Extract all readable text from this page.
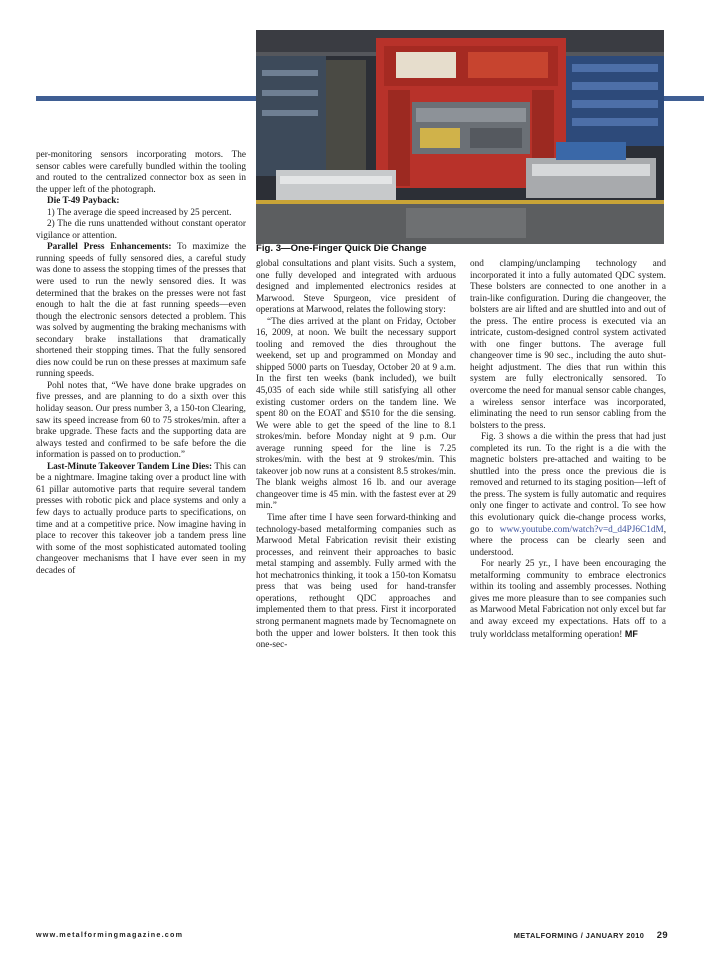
Fig. 3—One-Finger Quick Die Change

per-monitoring sensors incorporating motors. The sensor cables were carefully bundled within the tooling and routed to the centralized connector box as seen in the upper left of the photograph.

Die T-49 Payback:

1) The average die speed increased by 25 percent.

2) The die runs unattended without constant operator vigilance or attention.

Parallel Press Enhancements: To maximize the running speeds of fully sensored dies, a careful study was done to assess the stopping times of the presses that were used to run the newly sensored dies. It was determined that the brakes on the presses were not fast enough to halt the die at fast running speeds—even though the electronic sensors detected a problem. This was solved by augmenting the braking mechanisms with secondary brake installations that dramatically shortened their stopping times. That the fully sensored dies now could be run on these presses at maximum safe running speeds.

Pohl notes that, “We have done brake upgrades on five presses, and are planning to do a sixth over this holiday season. Our press number 3, a 150-ton Clearing, saw its speed increase from 60 to 75 strokes/min. after a brake upgrade. These facts and the supporting data are always tested and confirmed to be safe before the die information is passed on to production.”

Last-Minute Takeover Tandem Line Dies: This can be a nightmare. Imagine taking over a product line with 61 pillar automotive parts that require several tandem presses with robotic pick and place systems and only a few days to actually produce parts to specifications, on time and at a competitive price. Now imagine having in place to recover this takeover job a tandem press line with some of the most sophisticated automated tooling changeover mechanisms that I have ever seen in my decades of

global consultations and plant visits. Such a system, one fully developed and integrated with arduous designed and implemented electronics resides at Marwood. Steve Spurgeon, vice president of operations at Marwood, relates the following story:

“The dies arrived at the plant on Friday, October 16, 2009, at noon. We built the necessary support tooling and removed the dies throughout the weekend, set up and programmed on Monday and shipped 5000 parts on Tuesday, October 20 at 9 a.m. In the first ten weeks (bank included), we built 45,035 of each side while still satisfying all other existing customer orders on the tandem line. We spent 80 on the EOAT and $510 for the die sensing. We were able to get the speed of the line to 8.1 strokes/min. before Monday night at 9 p.m. Our average running speed for the line is 7.25 strokes/min. with the best at 9 strokes/min. This takeover job now runs at a consistent 8.5 strokes/min. The blank weighs almost 16 lb. and our average changeover time is 45 min. with the fastest ever at 29 min.”

Time after time I have seen forward-thinking and technology-based metalforming companies such as Marwood Metal Fabrication revisit their existing processes, and reinvent their approaches to basic metal stamping and assembly. Fully armed with the hot mechatronics thinking, it took a 150-ton Komatsu press that was being used for hand-transfer operations, rethought QDC approaches and implemented them to that press. First it incorporated strong permanent magnets made by Tecnomagnete on both the upper and lower bolsters. It then took this one-sec-

ond clamping/unclamping technology and incorporated it into a fully automated QDC system. These bolsters are connected to one another in a train-like configuration. During die changeover, the bolsters are air lifted and are shuttled into and out of the press. The entire process is executed via an intricate, custom-designed control system activated with one finger buttons. The average full changeover time is 90 sec., including the auto shut-height adjustment. The dies that run within this system are fully electronically sensored. To overcome the need for manual sensor cable changes, a wireless sensor interface was incorporated, eliminating the need to run sensor cabling from the bolsters to the press.

Fig. 3 shows a die within the press that had just completed its run. To the right is a die with the magnetic bolsters pre-attached and waiting to be shuttled into the press once the previous die is removed and returned to its staging position—left of the press. The system is fully automatic and requires only one finger to activate and control. To see how this evolutionary quick die-change process works, go to www.youtube.com/watch?v=d_d4PJ6C1dM, where the process can be clearly seen and understood.

For nearly 25 yr., I have been encouraging the metalforming community to embrace electronics within its tooling and assembly processes. Nothing gives me more pleasure than to see companies such as Marwood Metal Fabrication not only excel but far and away exceed my expectations. Hats off to a truly worldclass metalforming operation! MF

www.metalformingmagazine.com	METALFORMING / JANUARY 2010 29
